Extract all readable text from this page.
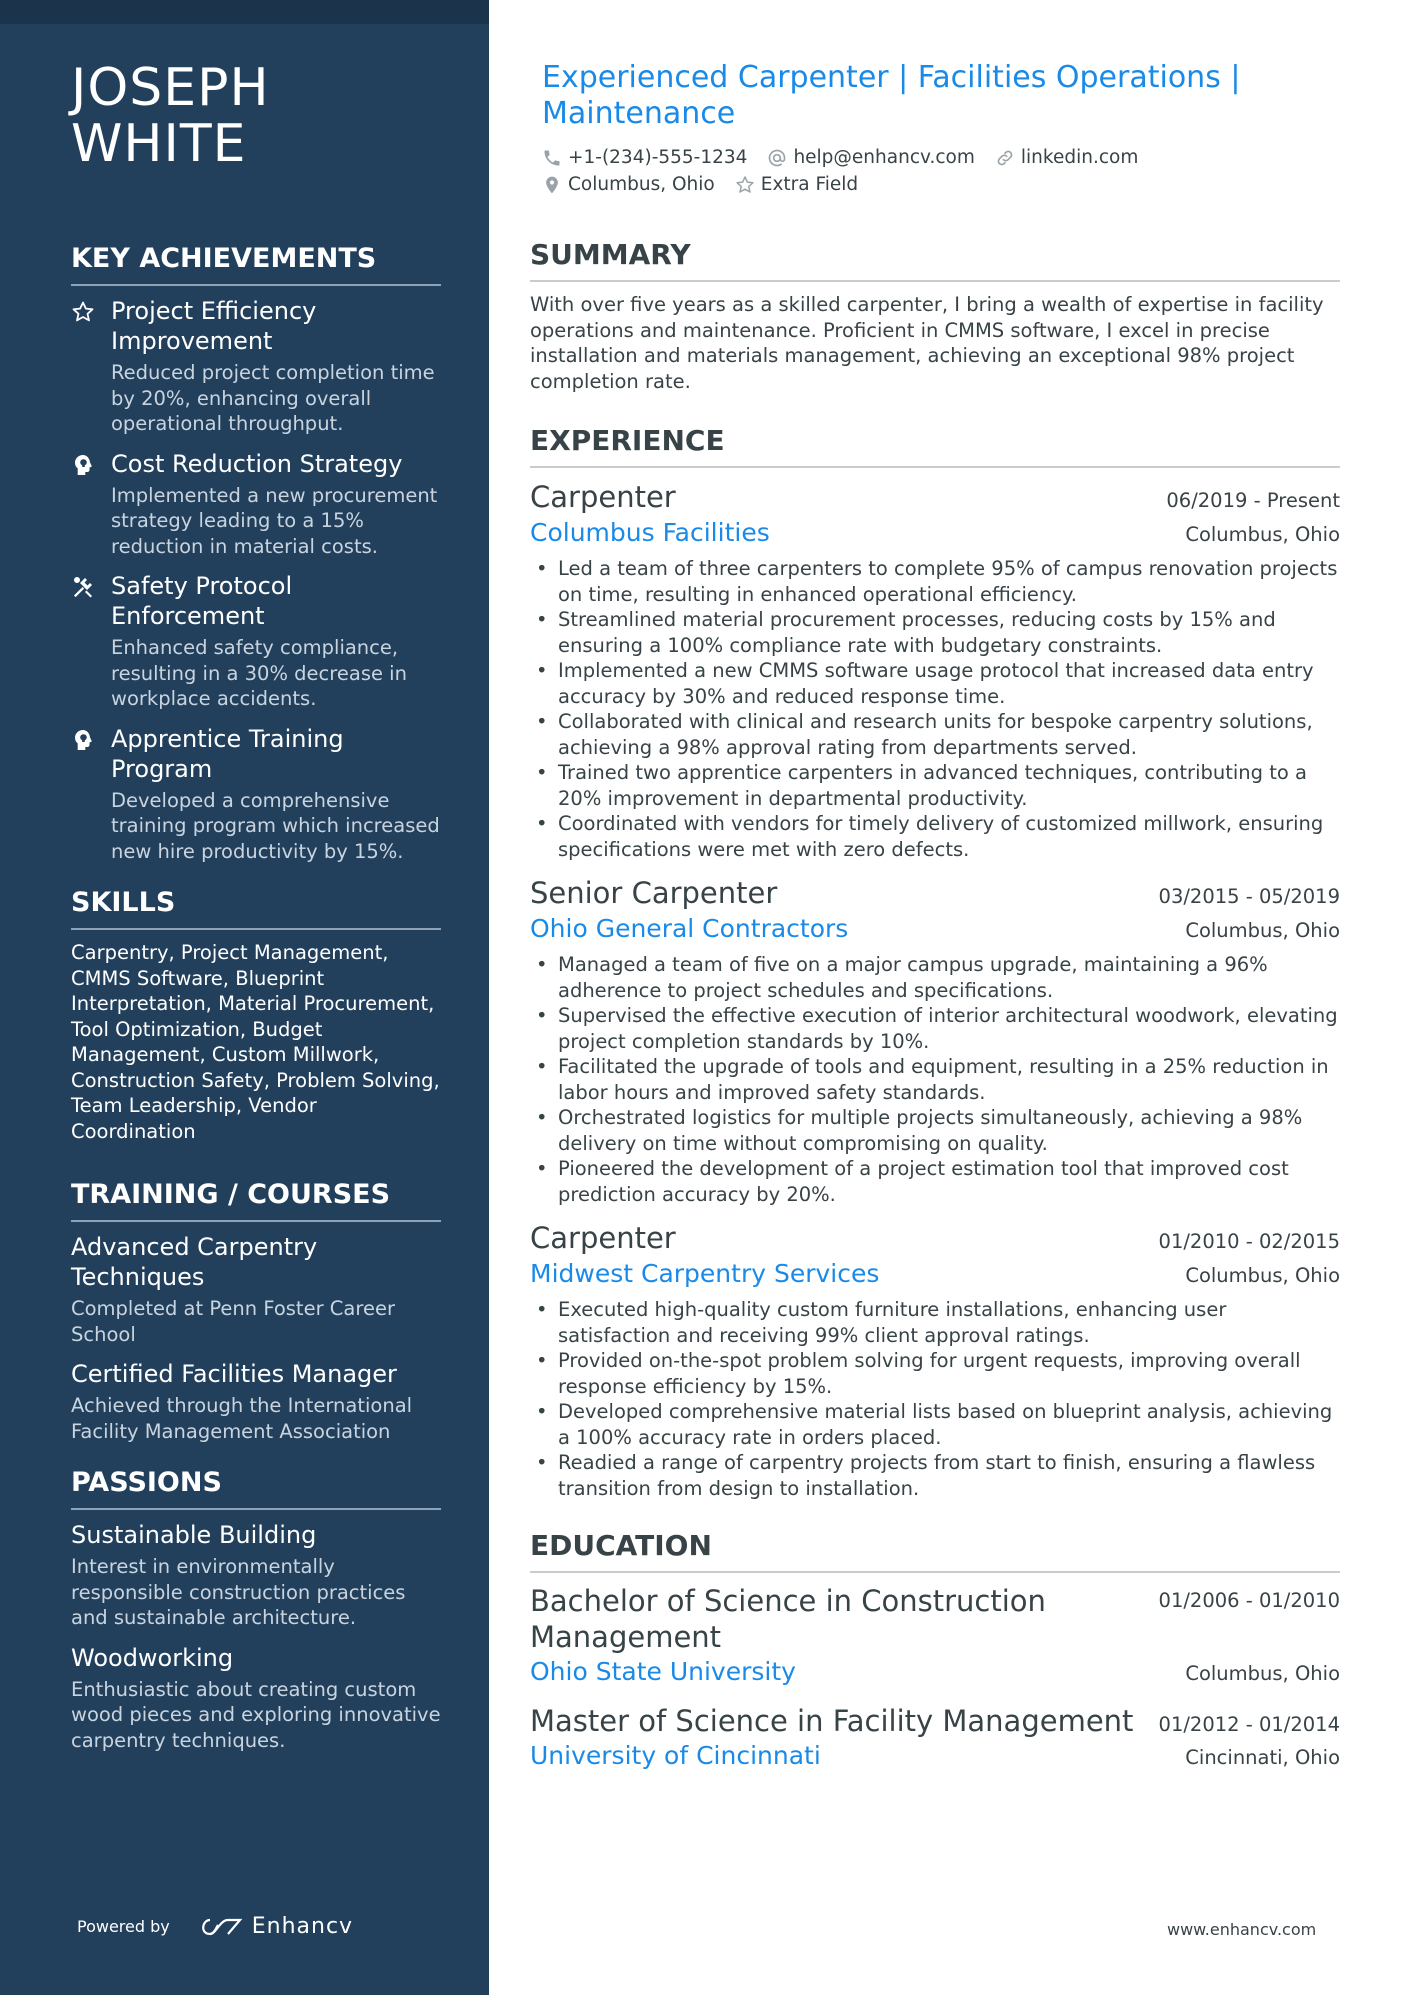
JOSEPH
WHITE
KEY ACHIEVEMENTS
Project Efficiency Improvement
Reduced project completion time by 20%, enhancing overall operational throughput.
Cost Reduction Strategy
Implemented a new procurement strategy leading to a 15% reduction in material costs.
Safety Protocol Enforcement
Enhanced safety compliance, resulting in a 30% decrease in workplace accidents.
Apprentice Training Program
Developed a comprehensive training program which increased new hire productivity by 15%.
SKILLS
Carpentry, Project Management, CMMS Software, Blueprint Interpretation, Material Procurement, Tool Optimization, Budget Management, Custom Millwork, Construction Safety, Problem Solving, Team Leadership, Vendor Coordination
TRAINING / COURSES
Advanced Carpentry Techniques
Completed at Penn Foster Career School
Certified Facilities Manager
Achieved through the International Facility Management Association
PASSIONS
Sustainable Building
Interest in environmentally responsible construction practices and sustainable architecture.
Woodworking
Enthusiastic about creating custom wood pieces and exploring innovative carpentry techniques.
Powered by	Enhancv
Experienced Carpenter | Facilities Operations | Maintenance
+1-(234)-555-1234 help@enhancv.com linkedin.com
Columbus, Ohio Extra Field
SUMMARY

With over five years as a skilled carpenter, I bring a wealth of expertise in facility operations and maintenance. Proficient in CMMS software, I excel in precise installation and materials management, achieving an exceptional 98% project completion rate.

EXPERIENCE
Carpenter	06/2019 - Present
Columbus Facilities	Columbus, Ohio
• Led a team of three carpenters to complete 95% of campus renovation projects on time, resulting in enhanced operational efficiency.
• Streamlined material procurement processes, reducing costs by 15% and ensuring a 100% compliance rate with budgetary constraints.
• Implemented a new CMMS software usage protocol that increased data entry accuracy by 30% and reduced response time.
• Collaborated with clinical and research units for bespoke carpentry solutions, achieving a 98% approval rating from departments served.
• Trained two apprentice carpenters in advanced techniques, contributing to a 20% improvement in departmental productivity.
• Coordinated with vendors for timely delivery of customized millwork, ensuring specifications were met with zero defects.
Senior Carpenter	03/2015 - 05/2019
Ohio General Contractors	Columbus, Ohio
• Managed a team of five on a major campus upgrade, maintaining a 96% adherence to project schedules and specifications.
• Supervised the effective execution of interior architectural woodwork, elevating project completion standards by 10%.
• Facilitated the upgrade of tools and equipment, resulting in a 25% reduction in labor hours and improved safety standards.
• Orchestrated logistics for multiple projects simultaneously, achieving a 98% delivery on time without compromising on quality.
• Pioneered the development of a project estimation tool that improved cost prediction accuracy by 20%.
Carpenter	01/2010 - 02/2015
Midwest Carpentry Services	Columbus, Ohio
• Executed high-quality custom furniture installations, enhancing user satisfaction and receiving 99% client approval ratings.
• Provided on-the-spot problem solving for urgent requests, improving overall response efficiency by 15%.
• Developed comprehensive material lists based on blueprint analysis, achieving a 100% accuracy rate in orders placed.
• Readied a range of carpentry projects from start to finish, ensuring a flawless transition from design to installation.
EDUCATION
Bachelor of Science in Construction Management
01/2006 - 01/2010
Ohio State University	Columbus, Ohio
Master of Science in Facility Management 01/2012 - 01/2014
University of Cincinnati	Cincinnati, Ohio
www.enhancv.com
